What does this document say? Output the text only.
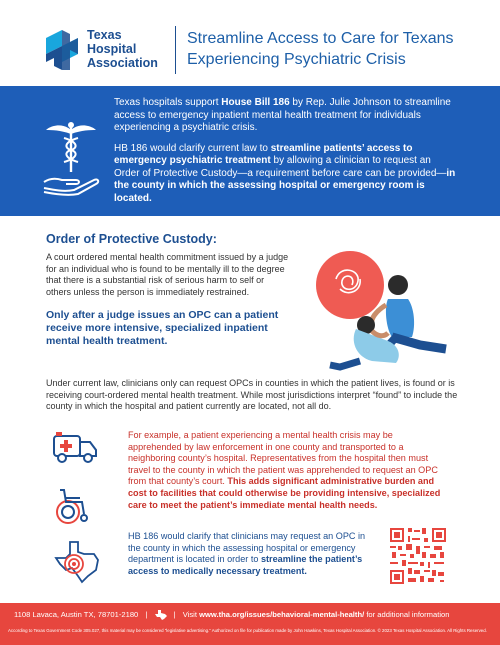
Texas
Hospital
Association
Streamline Access to Care for Texans Experiencing Psychiatric Crisis

Texas hospitals support House Bill 186 by Rep. Julie Johnson to streamline access to emergency inpatient mental health treatment for individuals experiencing a psychiatric crisis.

HB 186 would clarify current law to streamline patients’ access to emergency psychiatric treatment by allowing a clinician to request an Order of Protective Custody—a requirement before care can be provided—in the county in which the assessing hospital or emergency room is located.

Order of Protective Custody:
A court ordered mental health commitment issued by a judge for an individual who is found to be mentally ill to the degree that there is a substantial risk of serious harm to self or others unless the person is immediately restrained.
Only after a judge issues an OPC can a patient receive more intensive, specialized inpatient mental health treatment.
Under current law, clinicians only can request OPCs in counties in which the patient lives, is found or is receiving court-ordered mental health treatment. While most jurisdictions interpret “found” to include the county in which the hospital and patient currently are located, not all do.
For example, a patient experiencing a mental health crisis may be apprehended by law enforcement in one county and transported to a neighboring county’s hospital. Representatives from the hospital then must travel to the county in which the patient was apprehended to request an OPC from that county’s court. This adds significant administrative burden and cost to facilities that could otherwise be providing intensive, specialized care to meet the patient’s immediate mental health needs.
HB 186 would clarify that clinicians may request an OPC in the county in which the assessing hospital or emergency department is located in order to streamline the patient’s access to medically necessary treatment.
1108 Lavaca, Austin TX, 78701-2180 |	| Visit www.tha.org/issues/behavioral-mental-health/ for additional information
According to Texas Government Code 305.027, this material may be considered “legislative advertising.” Authorized on file for publication made by John Hawkins, Texas Hospital Association. © 2023 Texas Hospital Association. All Rights Reserved.
